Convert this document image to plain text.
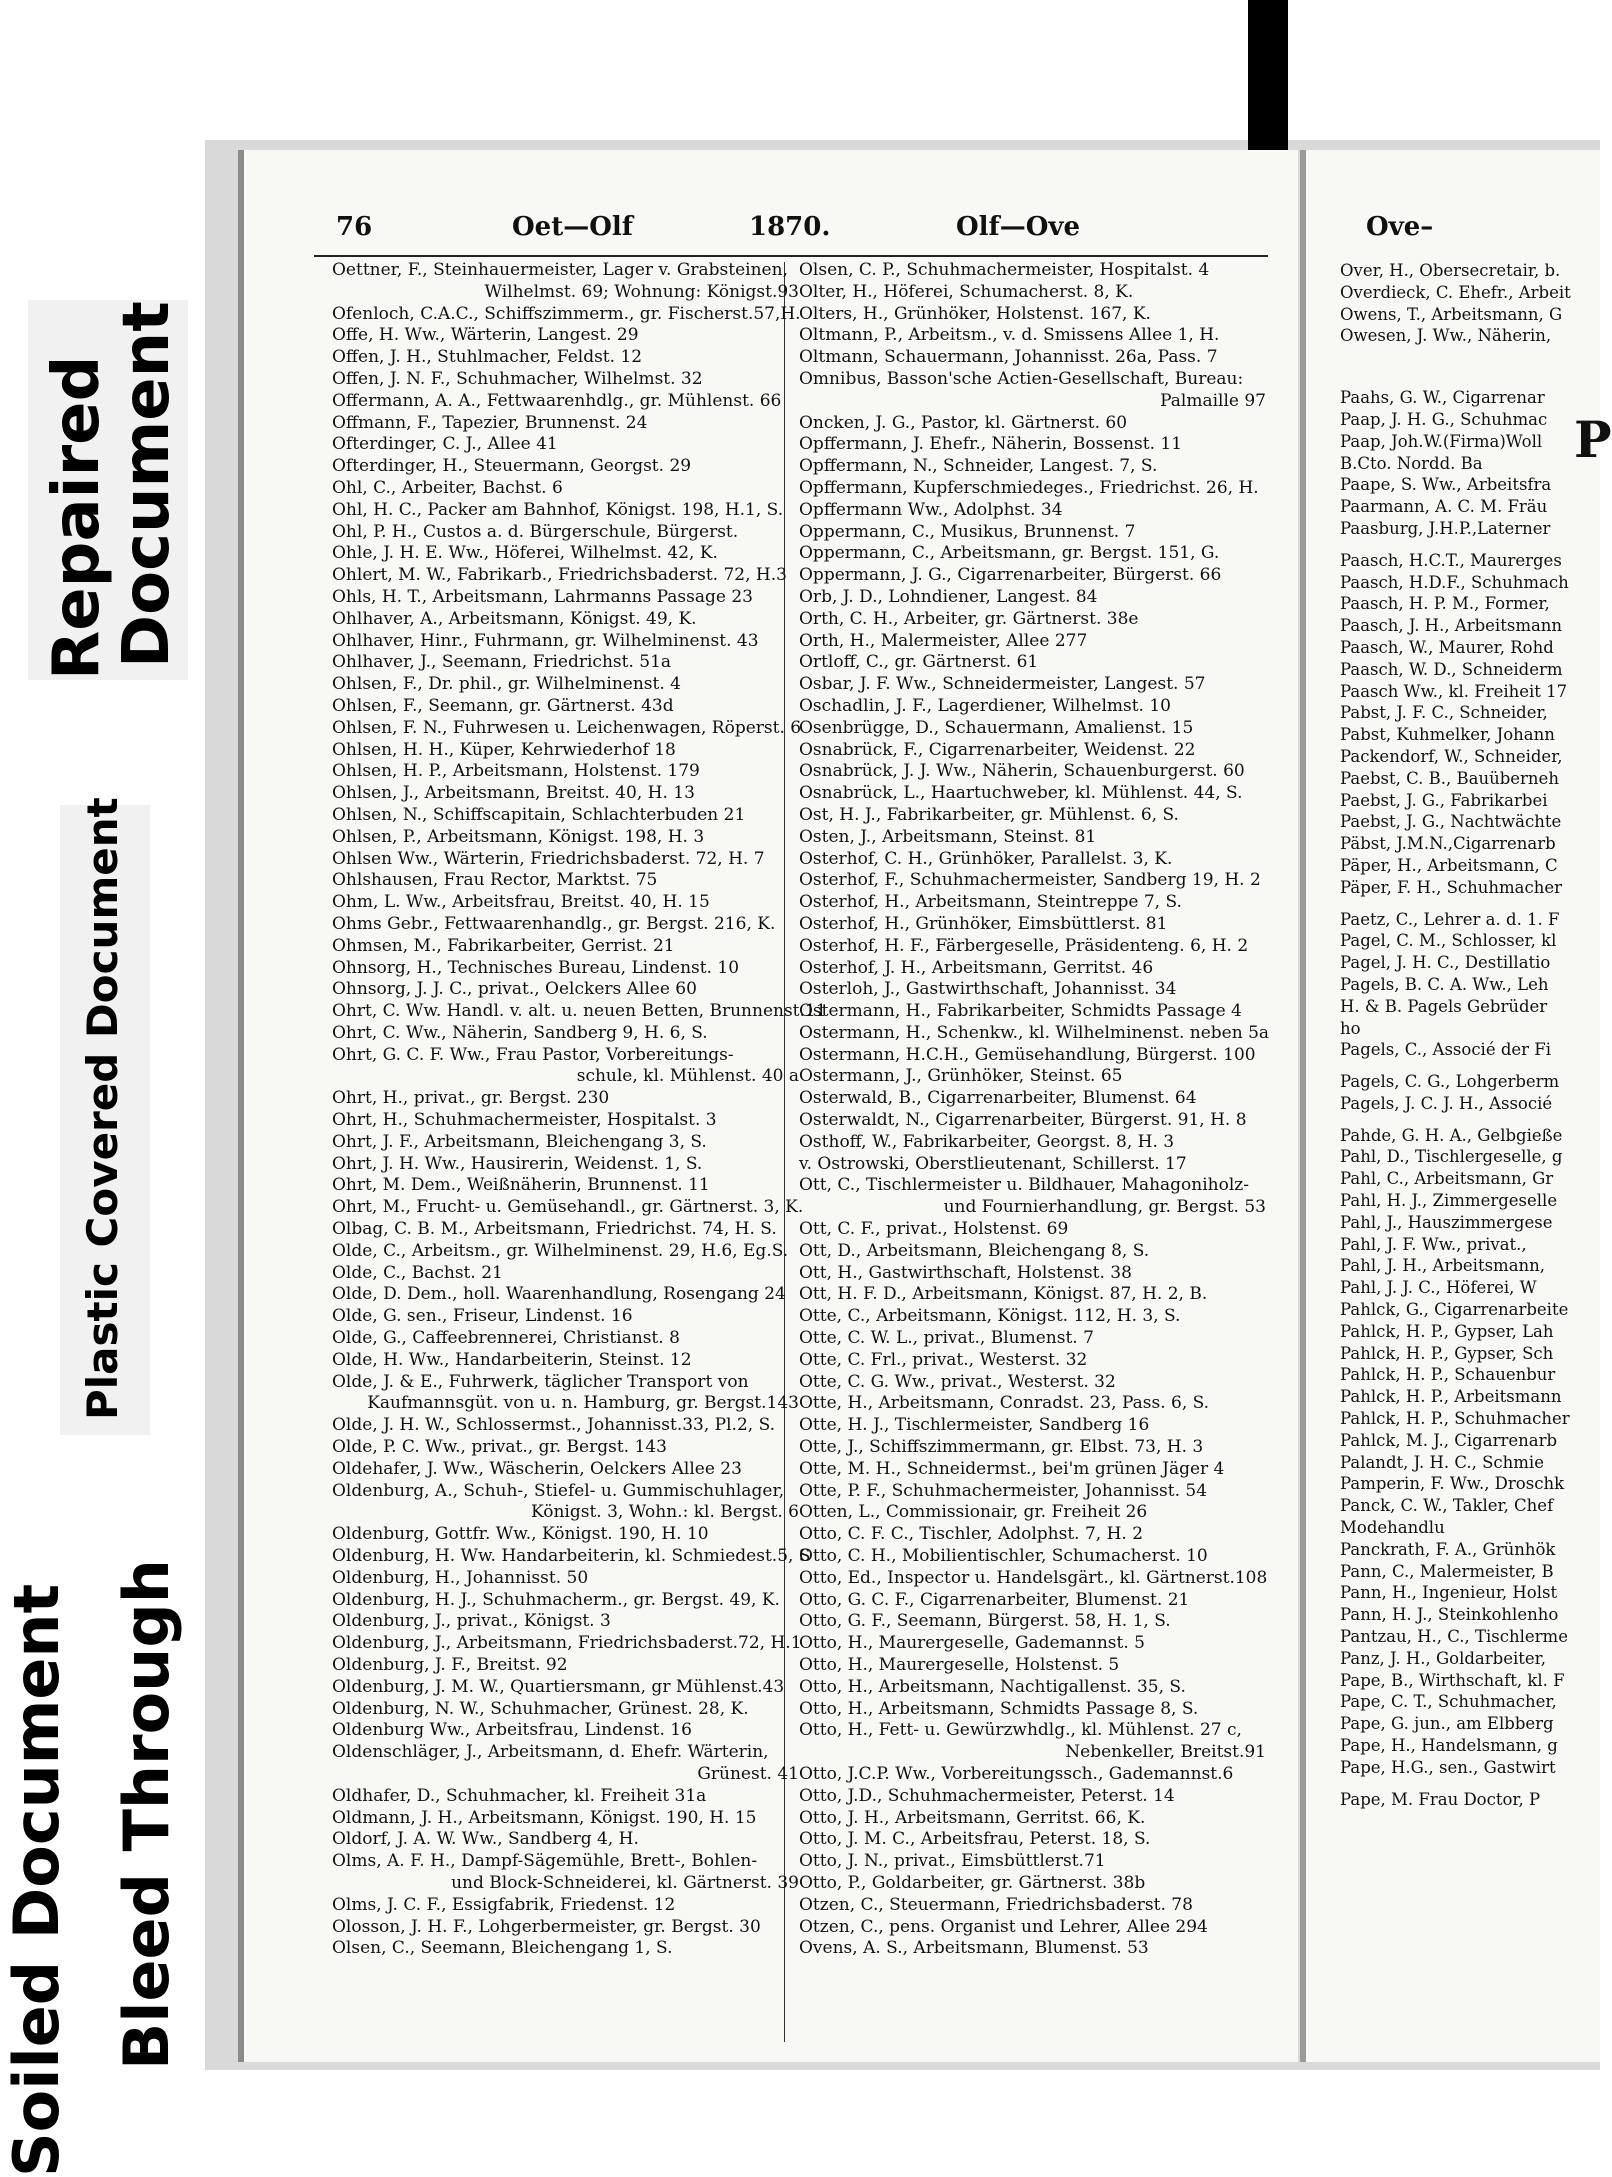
Repaired
Document
Plastic Covered Document
Soiled Document Bleed Through
76	Oet—Olf	1870.	Olf—Ove
Oettner, F., Steinhauermeister, Lager v. Grabsteinen,
Wilhelmst. 69; Wohnung: Königst.93
Ofenloch, C.A.C., Schiffszimmerm., gr. Fischerst.57,H.
Offe, H. Ww., Wärterin, Langest. 29
Offen, J. H., Stuhlmacher, Feldst. 12
Offen, J. N. F., Schuhmacher, Wilhelmst. 32
Offermann, A. A., Fettwaarenhdlg., gr. Mühlenst. 66
Offmann, F., Tapezier, Brunnenst. 24
Ofterdinger, C. J., Allee 41
Ofterdinger, H., Steuermann, Georgst. 29
Ohl, C., Arbeiter, Bachst. 6
Ohl, H. C., Packer am Bahnhof, Königst. 198, H.1, S.
Ohl, P. H., Custos a. d. Bürgerschule, Bürgerst.
Ohle, J. H. E. Ww., Höferei, Wilhelmst. 42, K.
Ohlert, M. W., Fabrikarb., Friedrichsbaderst. 72, H.3
Ohls, H. T., Arbeitsmann, Lahrmanns Passage 23
Ohlhaver, A., Arbeitsmann, Königst. 49, K.
Ohlhaver, Hinr., Fuhrmann, gr. Wilhelminenst. 43
Ohlhaver, J., Seemann, Friedrichst. 51a
Ohlsen, F., Dr. phil., gr. Wilhelminenst. 4
Ohlsen, F., Seemann, gr. Gärtnerst. 43d
Ohlsen, F. N., Fuhrwesen u. Leichenwagen, Röperst. 6
Ohlsen, H. H., Küper, Kehrwiederhof 18
Ohlsen, H. P., Arbeitsmann, Holstenst. 179
Ohlsen, J., Arbeitsmann, Breitst. 40, H. 13
Ohlsen, N., Schiffscapitain, Schlachterbuden 21
Ohlsen, P., Arbeitsmann, Königst. 198, H. 3
Ohlsen Ww., Wärterin, Friedrichsbaderst. 72, H. 7
Ohlshausen, Frau Rector, Marktst. 75
Ohm, L. Ww., Arbeitsfrau, Breitst. 40, H. 15
Ohms Gebr., Fettwaarenhandlg., gr. Bergst. 216, K.
Ohmsen, M., Fabrikarbeiter, Gerrist. 21
Ohnsorg, H., Technisches Bureau, Lindenst. 10
Ohnsorg, J. J. C., privat., Oelckers Allee 60
Ohrt, C. Ww. Handl. v. alt. u. neuen Betten, Brunnenst.11
Ohrt, C. Ww., Näherin, Sandberg 9, H. 6, S.
Ohrt, G. C. F. Ww., Frau Pastor, Vorbereitungs-
schule, kl. Mühlenst. 40 a
Ohrt, H., privat., gr. Bergst. 230
Ohrt, H., Schuhmachermeister, Hospitalst. 3
Ohrt, J. F., Arbeitsmann, Bleichengang 3, S.
Ohrt, J. H. Ww., Hausirerin, Weidenst. 1, S.
Ohrt, M. Dem., Weißnäherin, Brunnenst. 11
Ohrt, M., Frucht- u. Gemüsehandl., gr. Gärtnerst. 3, K.
Olbag, C. B. M., Arbeitsmann, Friedrichst. 74, H. S.
Olde, C., Arbeitsm., gr. Wilhelminenst. 29, H.6, Eg.S.
Olde, C., Bachst. 21
Olde, D. Dem., holl. Waarenhandlung, Rosengang 24
Olde, G. sen., Friseur, Lindenst. 16
Olde, G., Caffeebrennerei, Christianst. 8
Olde, H. Ww., Handarbeiterin, Steinst. 12
Olde, J. & E., Fuhrwerk, täglicher Transport von
Kaufmannsgüt. von u. n. Hamburg, gr. Bergst.143
Olde, J. H. W., Schlossermst., Johannisst.33, Pl.2, S.
Olde, P. C. Ww., privat., gr. Bergst. 143
Oldehafer, J. Ww., Wäscherin, Oelckers Allee 23
Oldenburg, A., Schuh-, Stiefel- u. Gummischuhlager,
Königst. 3, Wohn.: kl. Bergst. 6
Oldenburg, Gottfr. Ww., Königst. 190, H. 10
Oldenburg, H. Ww. Handarbeiterin, kl. Schmiedest.5, S
Oldenburg, H., Johannisst. 50
Oldenburg, H. J., Schuhmacherm., gr. Bergst. 49, K.
Oldenburg, J., privat., Königst. 3
Oldenburg, J., Arbeitsmann, Friedrichsbaderst.72, H.1
Oldenburg, J. F., Breitst. 92
Oldenburg, J. M. W., Quartiersmann, gr Mühlenst.43
Oldenburg, N. W., Schuhmacher, Grünest. 28, K.
Oldenburg Ww., Arbeitsfrau, Lindenst. 16
Oldenschläger, J., Arbeitsmann, d. Ehefr. Wärterin,
Grünest. 41
Oldhafer, D., Schuhmacher, kl. Freiheit 31a
Oldmann, J. H., Arbeitsmann, Königst. 190, H. 15
Oldorf, J. A. W. Ww., Sandberg 4, H.
Olms, A. F. H., Dampf-Sägemühle, Brett-, Bohlen-
und Block-Schneiderei, kl. Gärtnerst. 39
Olms, J. C. F., Essigfabrik, Friedenst. 12
Olosson, J. H. F., Lohgerbermeister, gr. Bergst. 30
Olsen, C., Seemann, Bleichengang 1, S.
Olsen, C. P., Schuhmachermeister, Hospitalst. 4
Olter, H., Höferei, Schumacherst. 8, K.
Olters, H., Grünhöker, Holstenst. 167, K.
Oltmann, P., Arbeitsm., v. d. Smissens Allee 1, H.
Oltmann, Schauermann, Johannisst. 26a, Pass. 7
Omnibus, Basson'sche Actien-Gesellschaft, Bureau:
Palmaille 97
Oncken, J. G., Pastor, kl. Gärtnerst. 60
Opffermann, J. Ehefr., Näherin, Bossenst. 11
Opffermann, N., Schneider, Langest. 7, S.
Opffermann, Kupferschmiedeges., Friedrichst. 26, H.
Opffermann Ww., Adolphst. 34
Oppermann, C., Musikus, Brunnenst. 7
Oppermann, C., Arbeitsmann, gr. Bergst. 151, G.
Oppermann, J. G., Cigarrenarbeiter, Bürgerst. 66
Orb, J. D., Lohndiener, Langest. 84
Orth, C. H., Arbeiter, gr. Gärtnerst. 38e
Orth, H., Malermeister, Allee 277
Ortloff, C., gr. Gärtnerst. 61
Osbar, J. F. Ww., Schneidermeister, Langest. 57
Oschadlin, J. F., Lagerdiener, Wilhelmst. 10
Osenbrügge, D., Schauermann, Amalienst. 15
Osnabrück, F., Cigarrenarbeiter, Weidenst. 22
Osnabrück, J. J. Ww., Näherin, Schauenburgerst. 60
Osnabrück, L., Haartuchweber, kl. Mühlenst. 44, S.
Ost, H. J., Fabrikarbeiter, gr. Mühlenst. 6, S.
Osten, J., Arbeitsmann, Steinst. 81
Osterhof, C. H., Grünhöker, Parallelst. 3, K.
Osterhof, F., Schuhmachermeister, Sandberg 19, H. 2
Osterhof, H., Arbeitsmann, Steintreppe 7, S.
Osterhof, H., Grünhöker, Eimsbüttlerst. 81
Osterhof, H. F., Färbergeselle, Präsidenteng. 6, H. 2
Osterhof, J. H., Arbeitsmann, Gerritst. 46
Osterloh, J., Gastwirthschaft, Johannisst. 34
Ostermann, H., Fabrikarbeiter, Schmidts Passage 4
Ostermann, H., Schenkw., kl. Wilhelminenst. neben 5a
Ostermann, H.C.H., Gemüsehandlung, Bürgerst. 100
Ostermann, J., Grünhöker, Steinst. 65
Osterwald, B., Cigarrenarbeiter, Blumenst. 64
Osterwaldt, N., Cigarrenarbeiter, Bürgerst. 91, H. 8
Osthoff, W., Fabrikarbeiter, Georgst. 8, H. 3
v. Ostrowski, Oberstlieutenant, Schillerst. 17
Ott, C., Tischlermeister u. Bildhauer, Mahagoniholz-
und Fournierhandlung, gr. Bergst. 53
Ott, C. F., privat., Holstenst. 69
Ott, D., Arbeitsmann, Bleichengang 8, S.
Ott, H., Gastwirthschaft, Holstenst. 38
Ott, H. F. D., Arbeitsmann, Königst. 87, H. 2, B.
Otte, C., Arbeitsmann, Königst. 112, H. 3, S.
Otte, C. W. L., privat., Blumenst. 7
Otte, C. Frl., privat., Westerst. 32
Otte, C. G. Ww., privat., Westerst. 32
Otte, H., Arbeitsmann, Conradst. 23, Pass. 6, S.
Otte, H. J., Tischlermeister, Sandberg 16
Otte, J., Schiffszimmermann, gr. Elbst. 73, H. 3
Otte, M. H., Schneidermst., bei'm grünen Jäger 4
Otte, P. F., Schuhmachermeister, Johannisst. 54
Otten, L., Commissionair, gr. Freiheit 26
Otto, C. F. C., Tischler, Adolphst. 7, H. 2
Otto, C. H., Mobilientischler, Schumacherst. 10
Otto, Ed., Inspector u. Handelsgärt., kl. Gärtnerst.108
Otto, G. C. F., Cigarrenarbeiter, Blumenst. 21
Otto, G. F., Seemann, Bürgerst. 58, H. 1, S.
Otto, H., Maurergeselle, Gademannst. 5
Otto, H., Maurergeselle, Holstenst. 5
Otto, H., Arbeitsmann, Nachtigallenst. 35, S.
Otto, H., Arbeitsmann, Schmidts Passage 8, S.
Otto, H., Fett- u. Gewürzwhdlg., kl. Mühlenst. 27 c,
Nebenkeller, Breitst.91
Otto, J.C.P. Ww., Vorbereitungssch., Gademannst.6
Otto, J.D., Schuhmachermeister, Peterst. 14
Otto, J. H., Arbeitsmann, Gerritst. 66, K.
Otto, J. M. C., Arbeitsfrau, Peterst. 18, S.
Otto, J. N., privat., Eimsbüttlerst.71
Otto, P., Goldarbeiter, gr. Gärtnerst. 38b
Otzen, C., Steuermann, Friedrichsbaderst. 78
Otzen, C., pens. Organist und Lehrer, Allee 294
Ovens, A. S., Arbeitsmann, Blumenst. 53
Ove–
P
Over, H., Obersecretair, b.
Overdieck, C. Ehefr., Arbeit
Owens, T., Arbeitsmann, G
Owesen, J. Ww., Näherin,
Paahs, G. W., Cigarrenar
Paap, J. H. G., Schuhmac
Paap, Joh.W.(Firma)Woll
B.Cto. Nordd. Ba
Paape, S. Ww., Arbeitsfra
Paarmann, A. C. M. Fräu
Paasburg, J.H.P.,Laterner
Paasch, H.C.T., Maurerges
Paasch, H.D.F., Schuhmach
Paasch, H. P. M., Former,
Paasch, J. H., Arbeitsmann
Paasch, W., Maurer, Rohd
Paasch, W. D., Schneiderm
Paasch Ww., kl. Freiheit 17
Pabst, J. F. C., Schneider,
Pabst, Kuhmelker, Johann
Packendorf, W., Schneider,
Paebst, C. B., Bauüberneh
Paebst, J. G., Fabrikarbei
Paebst, J. G., Nachtwächte
Päbst, J.M.N.,Cigarrenarb
Päper, H., Arbeitsmann, C
Päper, F. H., Schuhmacher
Paetz, C., Lehrer a. d. 1. F
Pagel, C. M., Schlosser, kl
Pagel, J. H. C., Destillatio
Pagels, B. C. A. Ww., Leh
H. & B. Pagels Gebrüder
ho
Pagels, C., Associé der Fi
Pagels, C. G., Lohgerberm
Pagels, J. C. J. H., Associé
Pahde, G. H. A., Gelbgieße
Pahl, D., Tischlergeselle, g
Pahl, C., Arbeitsmann, Gr
Pahl, H. J., Zimmergeselle
Pahl, J., Hauszimmergese
Pahl, J. F. Ww., privat.,
Pahl, J. H., Arbeitsmann,
Pahl, J. J. C., Höferei, W
Pahlck, G., Cigarrenarbeite
Pahlck, H. P., Gypser, Lah
Pahlck, H. P., Gypser, Sch
Pahlck, H. P., Schauenbur
Pahlck, H. P., Arbeitsmann
Pahlck, H. P., Schuhmacher
Pahlck, M. J., Cigarrenarb
Palandt, J. H. C., Schmie
Pamperin, F. Ww., Droschk
Panck, C. W., Takler, Chef
Modehandlu
Panckrath, F. A., Grünhök
Pann, C., Malermeister, B
Pann, H., Ingenieur, Holst
Pann, H. J., Steinkohlenho
Pantzau, H., C., Tischlerme
Panz, J. H., Goldarbeiter,
Pape, B., Wirthschaft, kl. F
Pape, C. T., Schuhmacher,
Pape, G. jun., am Elbberg
Pape, H., Handelsmann, g
Pape, H.G., sen., Gastwirt
Pape, M. Frau Doctor, P
